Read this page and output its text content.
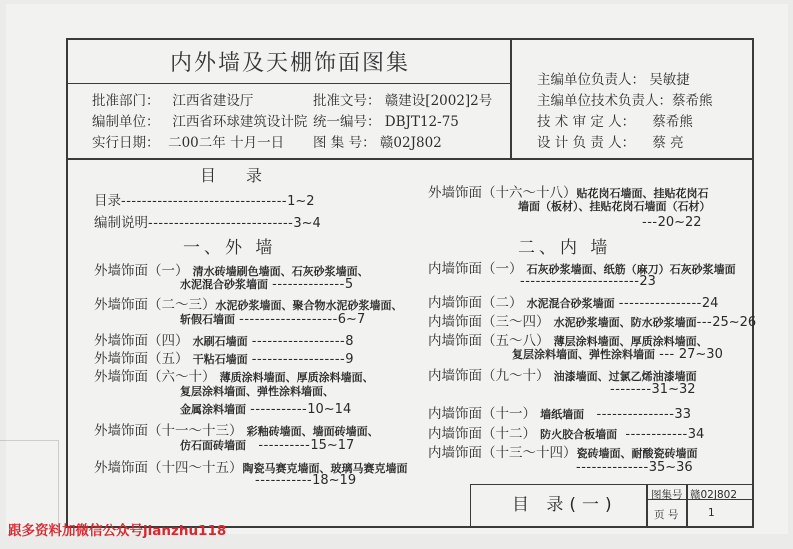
内外墙及天棚饰面图集
批准部门： 江西省建设厅	批准文号： 赣建设[2002]2号
编制单位： 江西省环球建筑设计院 统一编号： DBJT12-75
实行日期： 二00二年 十月一日 图 集 号： 赣02J802
主编单位负责人： 吴敏捷
主编单位技术负责人：蔡希熊
技 术 审 定 人： 蔡希熊
设 计 负 责 人： 蔡 亮
目录
目录--------------------------------1~2
编制说明----------------------------3~4
一、外 墙
外墙饰面（一） 清水砖墙刷色墙面、石灰砂浆墙面、
水泥混合砂浆墙面 --------------5
外墙饰面（二～三）水泥砂浆墙面、聚合物水泥砂浆墙面、
斩假石墙面 -------------------6~7
外墙饰面（四） 水刷石墙面 ------------------8
外墙饰面（五） 干粘石墙面 ------------------9
外墙饰面（六～十） 薄质涂料墙面、厚质涂料墙面、
复层涂料墙面、弹性涂料墙面、
金属涂料墙面 -----------10~14
外墙饰面（十一～十三） 彩釉砖墙面、墙面砖墙面、
仿石面砖墙面 ----------15~17
外墙饰面（十四～十五）陶瓷马赛克墙面、玻璃马赛克墙面
-----------18~19
外墙饰面（十六～十八）贴花岗石墙面、挂贴花岗石
墙面（板材）、挂贴花岗石墙面（石材）
---20~22
二、内 墙
内墙饰面（一） 石灰砂浆墙面、纸筋（麻刀）石灰砂浆墙面
-----------------------23
内墙饰面（二） 水泥混合砂浆墙面 ----------------24
内墙饰面（三～四） 水泥砂浆墙面、防水砂浆墙面---25~26
内墙饰面（五～八） 薄层涂料墙面、厚质涂料墙面、
复层涂料墙面、弹性涂料墙面 --- 27~30
内墙饰面（九～十） 油漆墙面、过氯乙烯油漆墙面
--------31~32
内墙饰面（十一） 墙纸墙面 ---------------33
内墙饰面（十二） 防火胶合板墙面 ------------34
内墙饰面（十三～十四）瓷砖墙面、耐酸瓷砖墙面
--------------35~36
目 录(一)	图集号 赣02J802
页 号	1
跟多资料加微信公众号jianzhu118
